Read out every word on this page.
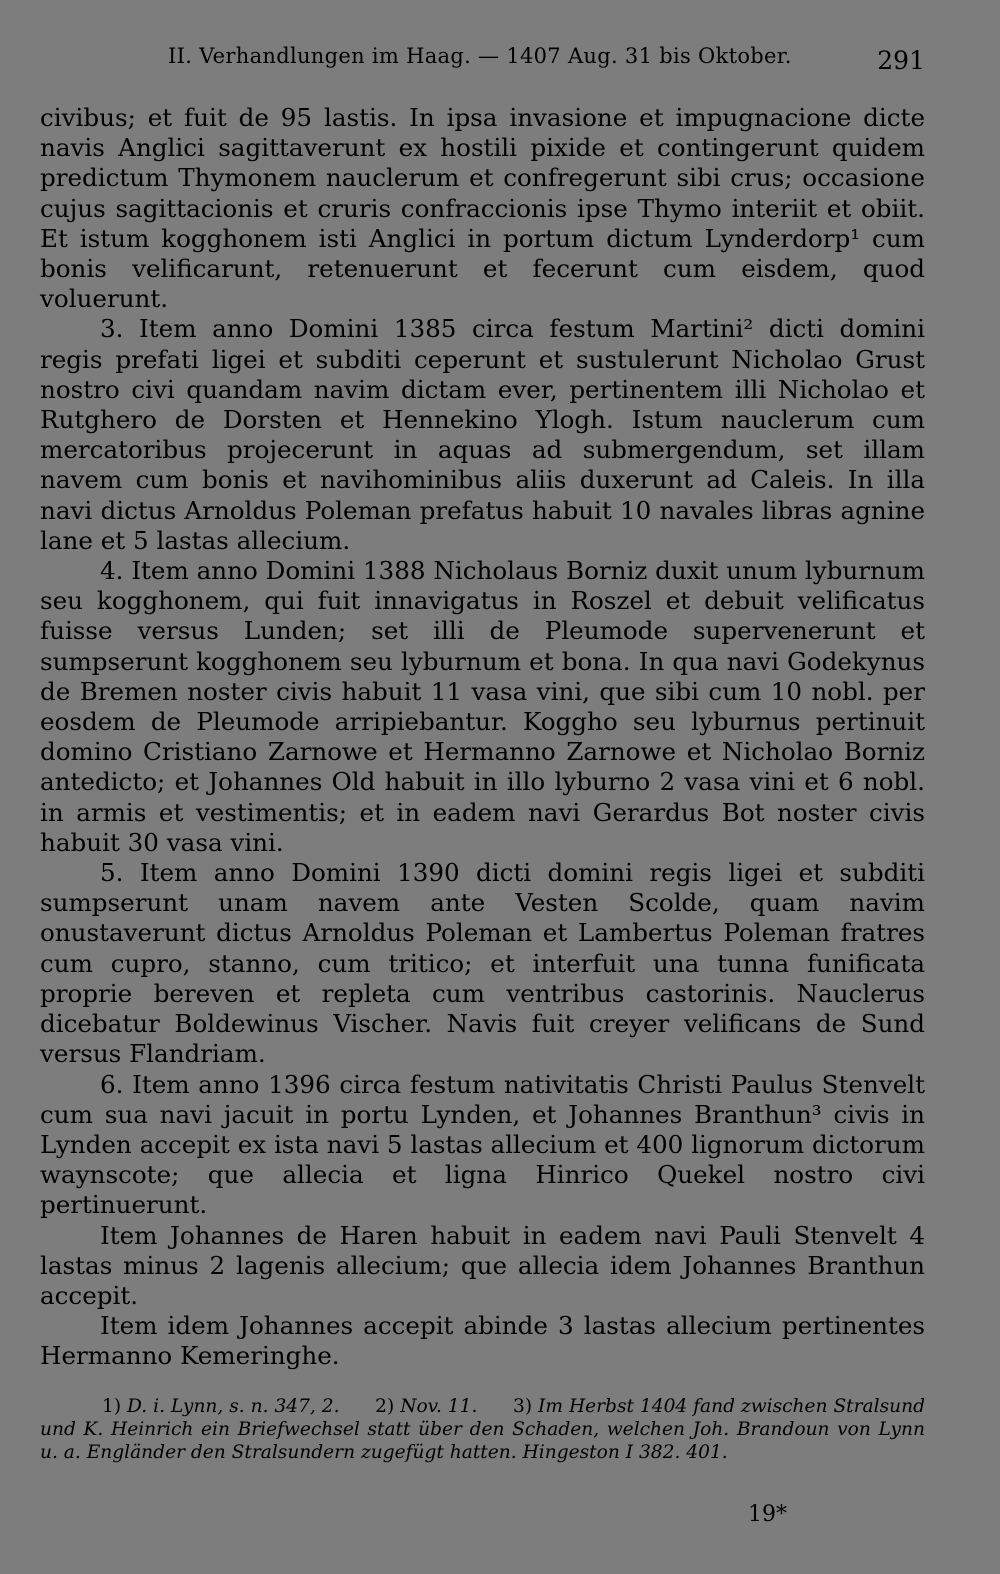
II. Verhandlungen im Haag. — 1407 Aug. 31 bis Oktober.	291

civibus; et fuit de 95 lastis. In ipsa invasione et impugnacione dicte navis Anglici sagittaverunt ex hostili pixide et contingerunt quidem predictum Thymonem nauclerum et confregerunt sibi crus; occasione cujus sagittacionis et cruris confraccionis ipse Thymo interiit et obiit. Et istum kogghonem isti Anglici in portum dictum Lynderdorp¹ cum bonis velificarunt, retenuerunt et fecerunt cum eisdem, quod voluerunt.

3. Item anno Domini 1385 circa festum Martini² dicti domini regis prefati ligei et subditi ceperunt et sustulerunt Nicholao Grust nostro civi quandam navim dictam ever, pertinentem illi Nicholao et Rutghero de Dorsten et Hennekino Ylogh. Istum nauclerum cum mercatoribus projecerunt in aquas ad submergendum, set illam navem cum bonis et navihominibus aliis duxerunt ad Caleis. In illa navi dictus Arnoldus Poleman prefatus habuit 10 navales libras agnine lane et 5 lastas allecium.

4. Item anno Domini 1388 Nicholaus Borniz duxit unum lyburnum seu kogghonem, qui fuit innavigatus in Roszel et debuit velificatus fuisse versus Lunden; set illi de Pleumode supervenerunt et sumpserunt kogghonem seu lyburnum et bona. In qua navi Godekynus de Bremen noster civis habuit 11 vasa vini, que sibi cum 10 nobl. per eosdem de Pleumode arripiebantur. Koggho seu lyburnus pertinuit domino Cristiano Zarnowe et Hermanno Zarnowe et Nicholao Borniz antedicto; et Johannes Old habuit in illo lyburno 2 vasa vini et 6 nobl. in armis et vestimentis; et in eadem navi Gerardus Bot noster civis habuit 30 vasa vini.

5. Item anno Domini 1390 dicti domini regis ligei et subditi sumpserunt unam navem ante Vesten Scolde, quam navim onustaverunt dictus Arnoldus Poleman et Lambertus Poleman fratres cum cupro, stanno, cum tritico; et interfuit una tunna funificata proprie bereven et repleta cum ventribus castorinis. Nauclerus dicebatur Boldewinus Vischer. Navis fuit creyer velificans de Sund versus Flandriam.

6. Item anno 1396 circa festum nativitatis Christi Paulus Stenvelt cum sua navi jacuit in portu Lynden, et Johannes Branthun³ civis in Lynden accepit ex ista navi 5 lastas allecium et 400 lignorum dictorum waynscote; que allecia et ligna Hinrico Quekel nostro civi pertinuerunt.

Item Johannes de Haren habuit in eadem navi Pauli Stenvelt 4 lastas minus 2 lagenis allecium; que allecia idem Johannes Branthun accepit.

Item idem Johannes accepit abinde 3 lastas allecium pertinentes Hermanno Kemeringhe.

1) D. i. Lynn, s. n. 347, 2. 2) Nov. 11. 3) Im Herbst 1404 fand zwischen Stralsund und K. Heinrich ein Briefwechsel statt über den Schaden, welchen Joh. Brandoun von Lynn u. a. Engländer den Stralsundern zugefügt hatten. Hingeston I 382. 401.
19*
